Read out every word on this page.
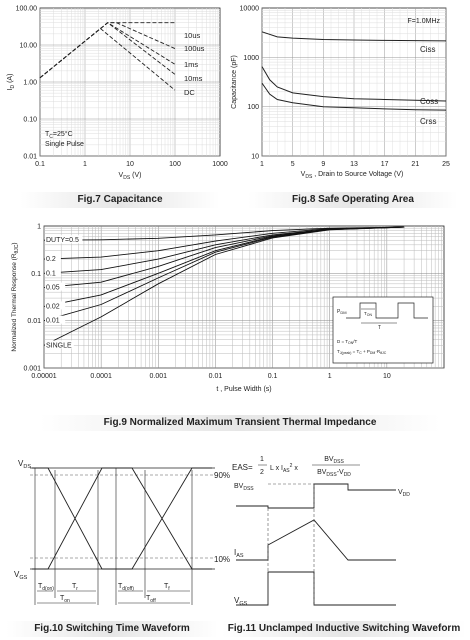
0.1	1	10	100	1000
100.00
10.00
1.00
0.10
0.01
10us
100us
1ms
10ms
DC
$V_{DS}$ (V)
$I_D$ (A)
$T_C=25^\circ C$
Single Pulse
1	5	9	13	17	21	25
10000
1000
100
10
Ciss
Coss
Crss
$V_{DS}$ , Drain to Source Voltage (V)
Capacitance (pF)
F=1.0MHz
0.00001	0.0001	0.001	0.01	0.1	1	10
1
0.1
0.01
0.001
DUTY=0.5
0.2
0.1
0.05
0.02
0.01
SINGLE
t , Pulse Width (s)
Normalized Thermal Response $(R_{\theta JC})$
$P_{DM}$	$T_{ON}$
T
$D = T_{ON}/T$
$T_{J(peak)} = T_C + P_{DM}\cdot R_{\theta JC}$
$V_{DS}$
$V_{GS}$
90%
10%
$T_{d(on)}$	$T_r$	$T_{d(off)}$	$T_f$
$T_{on}$	$T_{off}$
EAS=
1
2
L x $I_{AS}^2$ x
$BV_{DSS}$
$BV_{DSS}-V_{DD}$
$BV_{DSS}$	$V_{DD}$
$I_{AS}$
$V_{GS}$
Fig.7 Capacitance	Fig.8 Safe Operating Area
Fig.9 Normalized Maximum Transient Thermal Impedance
Fig.10 Switching Time Waveform	Fig.11 Unclamped Inductive Switching Waveform
